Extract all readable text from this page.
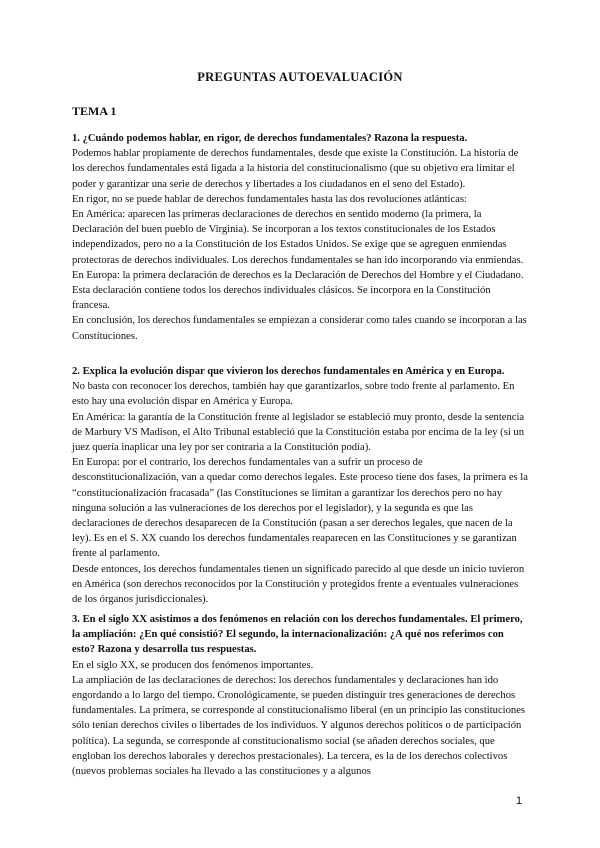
PREGUNTAS AUTOEVALUACIÓN
TEMA 1
1. ¿Cuándo podemos hablar, en rigor, de derechos fundamentales? Razona la respuesta.
Podemos hablar propiamente de derechos fundamentales, desde que existe la Constitución. La historia de los derechos fundamentales está ligada a la historia del constitucionalismo (que su objetivo era limitar el poder y garantizar una serie de derechos y libertades a los ciudadanos en el seno del Estado).
En rigor, no se puede hablar de derechos fundamentales hasta las dos revoluciones atlánticas:
En América: aparecen las primeras declaraciones de derechos en sentido moderno (la primera, la Declaración del buen pueblo de Virginia). Se incorporan a los textos constitucionales de los Estados independizados, pero no a la Constitución de los Estados Unidos. Se exige que se agreguen enmiendas protectoras de derechos individuales. Los derechos fundamentales se han ido incorporando vía enmiendas.
En Europa: la primera declaración de derechos es la Declaración de Derechos del Hombre y el Ciudadano. Esta declaración contiene todos los derechos individuales clásicos. Se incorpora en la Constitución francesa.
En conclusión, los derechos fundamentales se empiezan a considerar como tales cuando se incorporan a las Constituciones.
2. Explica la evolución dispar que vivieron los derechos fundamentales en América y en Europa.
No basta con reconocer los derechos, también hay que garantizarlos, sobre todo frente al parlamento. En esto hay una evolución dispar en América y Europa.
En América: la garantía de la Constitución frente al legislador se estableció muy pronto, desde la sentencia de Marbury VS Madison, el Alto Tribunal estableció que la Constitución estaba por encima de la ley (si un juez quería inaplicar una ley por ser contraria a la Constitución podía).
En Europa: por el contrario, los derechos fundamentales van a sufrir un proceso de desconstitucionalización, van a quedar como derechos legales. Este proceso tiene dos fases, la primera es la “constitucionalización fracasada” (las Constituciones se limitan a garantizar los derechos pero no hay ninguna solución a las vulneraciones de los derechos por el legislador), y la segunda es que las declaraciones de derechos desaparecen de la Constitución (pasan a ser derechos legales, que nacen de la ley). Es en el S. XX cuando los derechos fundamentales reaparecen en las Constituciones y se garantizan frente al parlamento.
Desde entonces, los derechos fundamentales tienen un significado parecido al que desde un inicio tuvieron en América (son derechos reconocidos por la Constitución y protegidos frente a eventuales vulneraciones de los órganos jurisdiccionales).
3. En el siglo XX asistimos a dos fenómenos en relación con los derechos fundamentales. El primero, la ampliación: ¿En qué consistió? El segundo, la internacionalización: ¿A qué nos referimos con esto? Razona y desarrolla tus respuestas.
En el siglo XX, se producen dos fenómenos importantes.
La ampliación de las declaraciones de derechos: los derechos fundamentales y declaraciones han ido engordando a lo largo del tiempo. Cronológicamente, se pueden distinguir tres generaciones de derechos fundamentales. La primera, se corresponde al constitucionalismo liberal (en un principio las constituciones sólo tenían derechos civiles o libertades de los individuos. Y algunos derechos políticos o de participación política). La segunda, se corresponde al constitucionalismo social (se añaden derechos sociales, que engloban los derechos laborales y derechos prestacionales). La tercera, es la de los derechos colectivos (nuevos problemas sociales ha llevado a las constituciones y a algunos
1
